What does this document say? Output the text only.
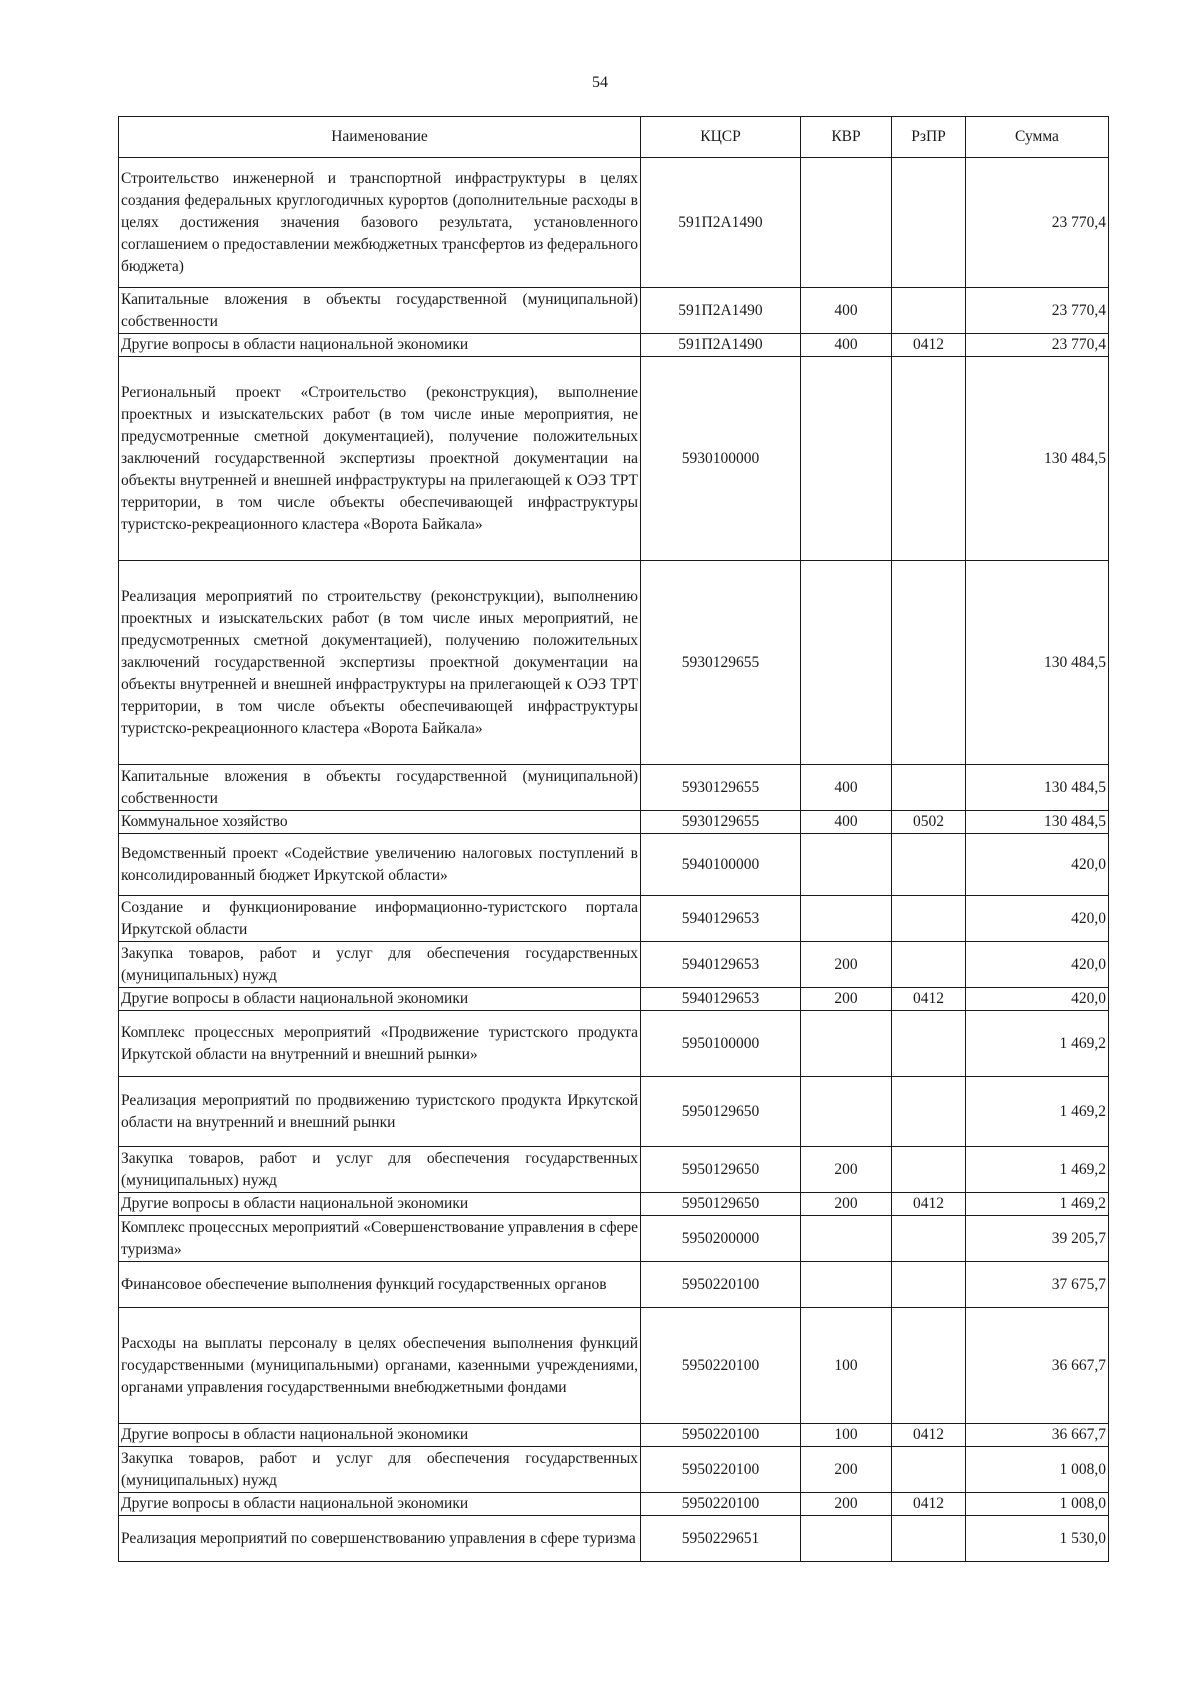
54
Наименование	КЦСР	КВР	РзПР	Сумма
Строительство инженерной и транспортной инфраструктуры в целях создания федеральных круглогодичных курортов (дополнительные расходы в целях достижения значения базового результата, установленного соглашением о предоставлении межбюджетных трансфертов из федерального бюджета)	591П2А1490			23 770,4
Капитальные вложения в объекты государственной (муниципальной) собственности	591П2А1490	400		23 770,4
Другие вопросы в области национальной экономики	591П2А1490	400	0412	23 770,4
Региональный проект «Строительство (реконструкция), выполнение проектных и изыскательских работ (в том числе иные мероприятия, не предусмотренные сметной документацией), получение положительных заключений государственной экспертизы проектной документации на объекты внутренней и внешней инфраструктуры на прилегающей к ОЭЗ ТРТ территории, в том числе объекты обеспечивающей инфраструктуры туристско-рекреационного кластера «Ворота Байкала»	5930100000			130 484,5
Реализация мероприятий по строительству (реконструкции), выполнению проектных и изыскательских работ (в том числе иных мероприятий, не предусмотренных сметной документацией), получению положительных заключений государственной экспертизы проектной документации на объекты внутренней и внешней инфраструктуры на прилегающей к ОЭЗ ТРТ территории, в том числе объекты обеспечивающей инфраструктуры туристско-рекреационного кластера «Ворота Байкала»	5930129655			130 484,5
Капитальные вложения в объекты государственной (муниципальной) собственности	5930129655	400		130 484,5
Коммунальное хозяйство	5930129655	400	0502	130 484,5
Ведомственный проект «Содействие увеличению налоговых поступлений в консолидированный бюджет Иркутской области»	5940100000			420,0
Создание и функционирование информационно-туристского портала Иркутской области	5940129653			420,0
Закупка товаров, работ и услуг для обеспечения государственных (муниципальных) нужд	5940129653	200		420,0
Другие вопросы в области национальной экономики	5940129653	200	0412	420,0
Комплекс процессных мероприятий «Продвижение туристского продукта Иркутской области на внутренний и внешний рынки»	5950100000			1 469,2
Реализация мероприятий по продвижению туристского продукта Иркутской области на внутренний и внешний рынки	5950129650			1 469,2
Закупка товаров, работ и услуг для обеспечения государственных (муниципальных) нужд	5950129650	200		1 469,2
Другие вопросы в области национальной экономики	5950129650	200	0412	1 469,2
Комплекс процессных мероприятий «Совершенствование управления в сфере туризма»	5950200000			39 205,7
Финансовое обеспечение выполнения функций государственных органов	5950220100			37 675,7
Расходы на выплаты персоналу в целях обеспечения выполнения функций государственными (муниципальными) органами, казенными учреждениями, органами управления государственными внебюджетными фондами	5950220100	100		36 667,7
Другие вопросы в области национальной экономики	5950220100	100	0412	36 667,7
Закупка товаров, работ и услуг для обеспечения государственных (муниципальных) нужд	5950220100	200		1 008,0
Другие вопросы в области национальной экономики	5950220100	200	0412	1 008,0
Реализация мероприятий по совершенствованию управления в сфере туризма	5950229651			1 530,0
